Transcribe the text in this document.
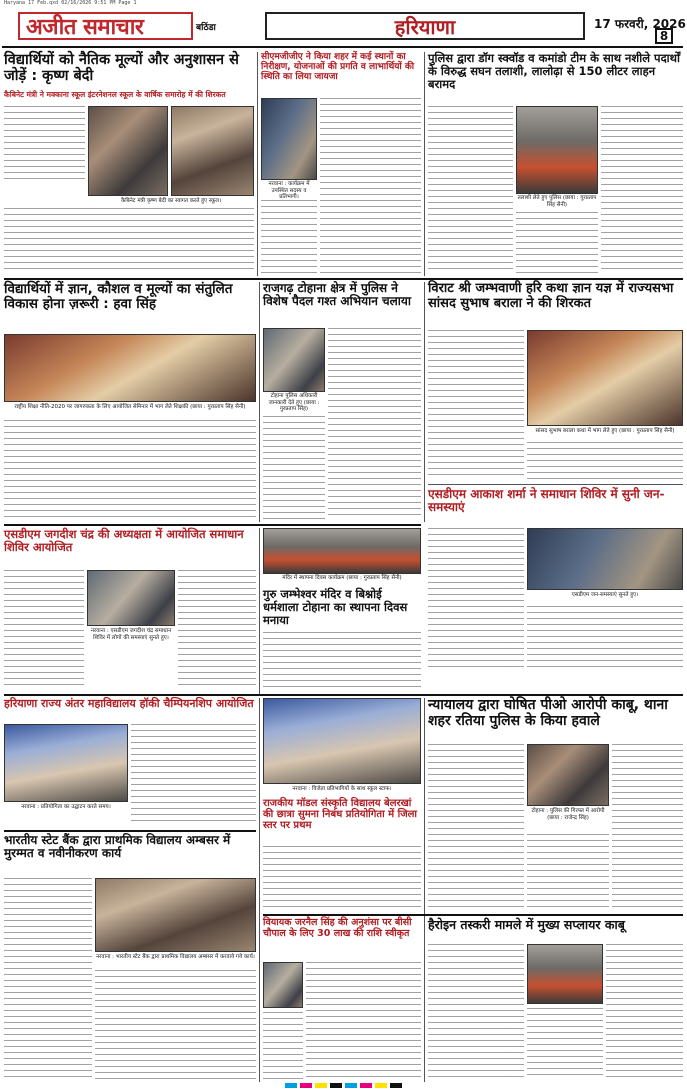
Haryana 17 Feb.qxd 02/16/2026 9:51 PM Page 1
अजीत समाचार	बठिंडा	हरियाणा	17 फरवरी, 2026
8
विद्यार्थियों को नैतिक मूल्यों और अनुशासन से जोड़ें : कृष्ण बेदी
कैबिनेट मंत्री ने मक्काना स्कूल इंटरनेशनल स्कूल के वार्षिक समारोह में की शिरकत
कैबिनेट मंत्री कृष्ण बेदी का स्वागत करते हुए स्कूल।
सीएमजीजीए ने किया शहर में कई स्थानों का निरीक्षण, योजनाओं की प्रगति व लाभार्थियों की स्थिति का लिया जायजा
नरवाना : कार्यक्रम में उपस्थित सदस्य व प्रतिभागी।
पुलिस द्वारा डॉग स्क्वॉड व कमांडो टीम के साथ नशीले पदार्थों के विरुद्ध सघन तलाशी, लालोढ़ा से 150 लीटर लाहन बरामद
तलाशी लेते हुए पुलिस (छाया : गुरप्रताप सिंह सैनी)
विद्यार्थियों में ज्ञान, कौशल व मूल्यों का संतुलित विकास होना ज़रूरी : हवा सिंह
राष्ट्रीय शिक्षा नीति-2020 पर जागरुकता के लिए आयोजित सेमिनार में भाग लेते शिक्षकी (छाया : गुरप्रताप सिंह सैनी)
राजगढ़ टोहाना क्षेत्र में पुलिस ने विशेष पैदल गश्त अभियान चलाया
टोहाना पुलिस अधिकारी जानकारी देते हुए (छाया : गुरप्रताप सिंह)
विराट श्री जम्भवाणी हरि कथा ज्ञान यज्ञ में राज्यसभा सांसद सुभाष बराला ने की शिरकत
सांसद सुभाष बराला कथा में भाग लेते हुए (छाया : गुरप्रताप सिंह सैनी)
एसडीएम आकाश शर्मा ने समाधान शिविर में सुनी जन-समस्याएं
एसडीएम जन-समस्याएं सुनते हुए।
एसडीएम जगदीश चंद्र की अध्यक्षता में आयोजित समाधान शिविर आयोजित
नरवाना : एसडीएम जगदीश चंद्र समाधान शिविर में लोगों की समस्याएं सुनते हुए।
मंदिर में स्थापना दिवस कार्यक्रम (छाया : गुरप्रताप सिंह सैनी)
गुरु जम्भेश्वर मंदिर व बिश्नोई धर्मशाला टोहाना का स्थापना दिवस मनाया
हरियाणा राज्य अंतर महाविद्यालय हॉकी चैम्पियनशिप आयोजित
नरवाना : प्रतियोगिता का उद्घाटन करते समय।
नरवाना : विजेता प्रतिभागियों के साथ स्कूल स्टाफ।
राजकीय मॉडल संस्कृति विद्यालय बेलरखां की छात्रा सुमना निबंध प्रतियोगिता में जिला स्तर पर प्रथम
न्यायालय द्वारा घोषित पीओ आरोपी काबू, थाना शहर रतिया पुलिस के किया हवाले
टोहाना : पुलिस की गिरफ्त में आरोपी (छाया : राजेन्द्र सिंह)
भारतीय स्टेट बैंक द्वारा प्राथमिक विद्यालय अम्बसर में मुरम्मत व नवीनीकरण कार्य
नरवाना : भारतीय स्टेट बैंक द्वारा प्राथमिक विद्यालय अम्बसर में करवाये गये कार्य।
वियायक जरनैल सिंह की अनुशंसा पर बीसी चौपाल के लिए 30 लाख की राशि स्वीकृत
हैरोइन तस्करी मामले में मुख्य सप्लायर काबू
